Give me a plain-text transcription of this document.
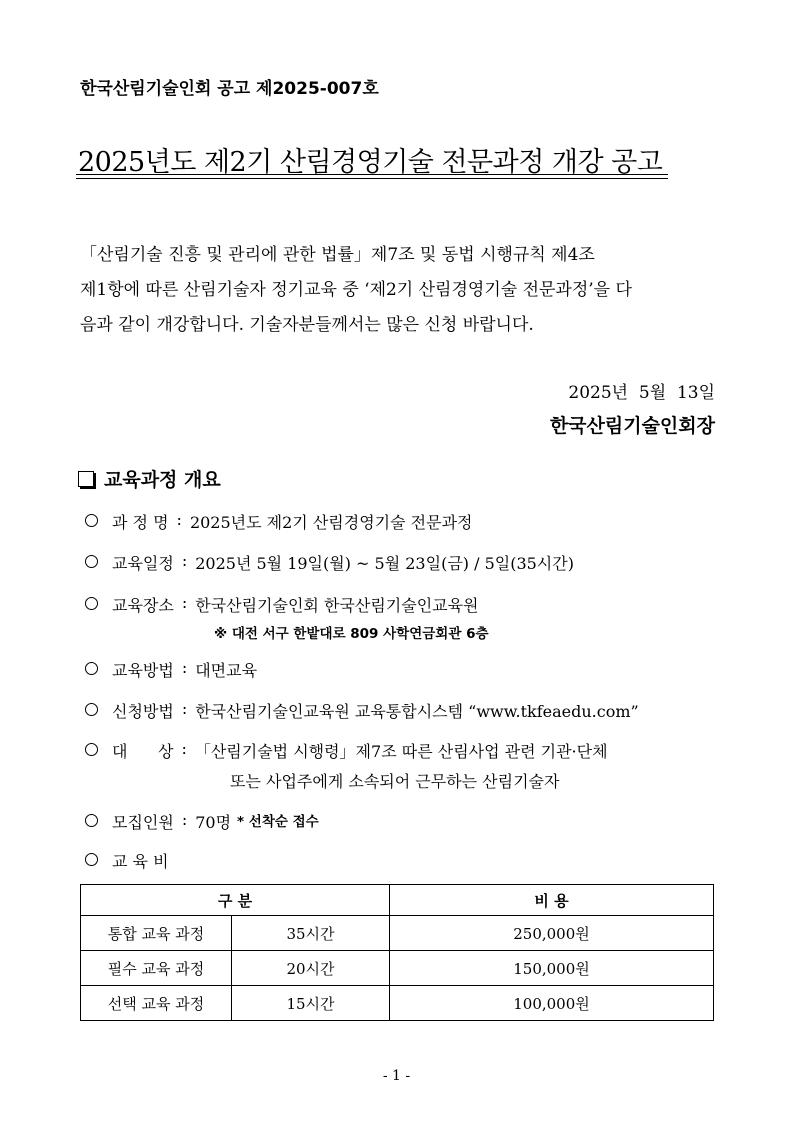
한국산림기술인회 공고 제2025-007호
2025년도 제2기 산림경영기술 전문과정 개강 공고

「산림기술 진흥 및 관리에 관한 법률」제7조 및 동법 시행규칙 제4조

제1항에 따른 산림기술자 정기교육 중 ‘제2기 산림경영기술 전문과정’을 다

음과 같이 개강합니다. 기술자분들께서는 많은 신청 바랍니다.

2025년  5월  13일
한국산림기술인회장
교육과정 개요
과 정 명 : 2025년도 제2기 산림경영기술 전문과정
교육일정 : 2025년 5월 19일(월) ~ 5월 23일(금) / 5일(35시간)
교육장소 : 한국산림기술인회 한국산림기술인교육원
※ 대전 서구 한밭대로 809 사학연금회관 6층
교육방법 : 대면교육
신청방법 : 한국산림기술인교육원 교육통합시스템 “www.tkfeaedu.com”
대      상 : 「산림기술법 시행령」제7조 따른 산림사업 관련 기관·단체
또는 사업주에게 소속되어 근무하는 산림기술자
모집인원 : 70명 * 선착순 접수
교 육 비
구 분		비 용
통합 교육 과정	35시간	250,000원
필수 교육 과정	20시간	150,000원
선택 교육 과정	15시간	100,000원
- 1 -
